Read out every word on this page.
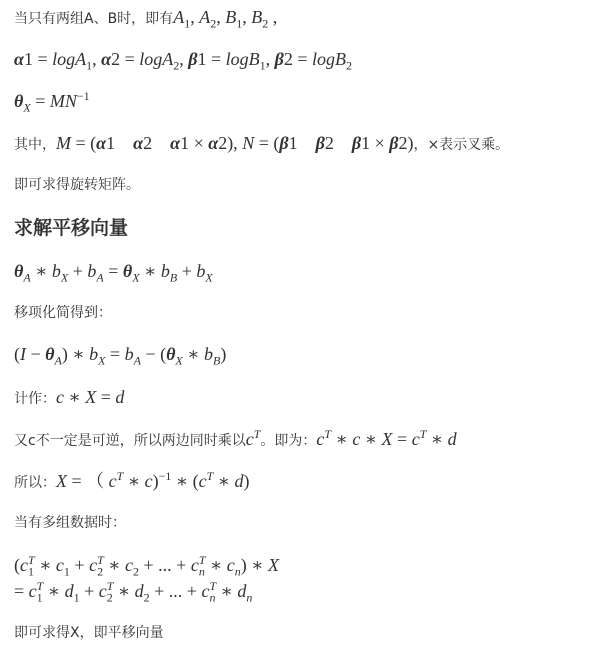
当只有两组A、B时，即有$A_1$, $A_2$, $B_1$, $B_2$ ,
α1 = logA$_1$, α2 = logA$_2$, β1 = logB$_1$, β2 = logB$_2$
$\theta_X = MN^{-1}$
其中，M = (α1 α2 α1 × α2), N = (β1 β2 β1 × β2)，×表示叉乘。
即可求得旋转矩阵。
求解平移向量
$\theta_A$ ∗ $b_X + b_A = \theta_X$ ∗ $b_B + b_X$
移项化简得到：
$(I - \theta_A)$ ∗ $b_X = b_A - (\theta_X$ ∗ $b_B$)
计作：c ∗ X = d
又c不一定是可逆，所以两边同时乘以$c^T$。即为：$c^T$ ∗ c ∗ $X = c^T$ ∗ d
所以：X = （ $c^T$ ∗ c)$^{-1}$ ∗ ($c^T$ ∗ d)
当有多组数据时：
($c_1^T$ ∗ $c_1 + c_2^T$ ∗ $c_2$ + ... + $c_n^T$ ∗ $c_n$) ∗ X
= $c_1^T$ ∗ $d_1 + c_2^T$ ∗ $d_2$ + ... + $c_n^T$ ∗ $d_n$
即可求得X，即平移向量
